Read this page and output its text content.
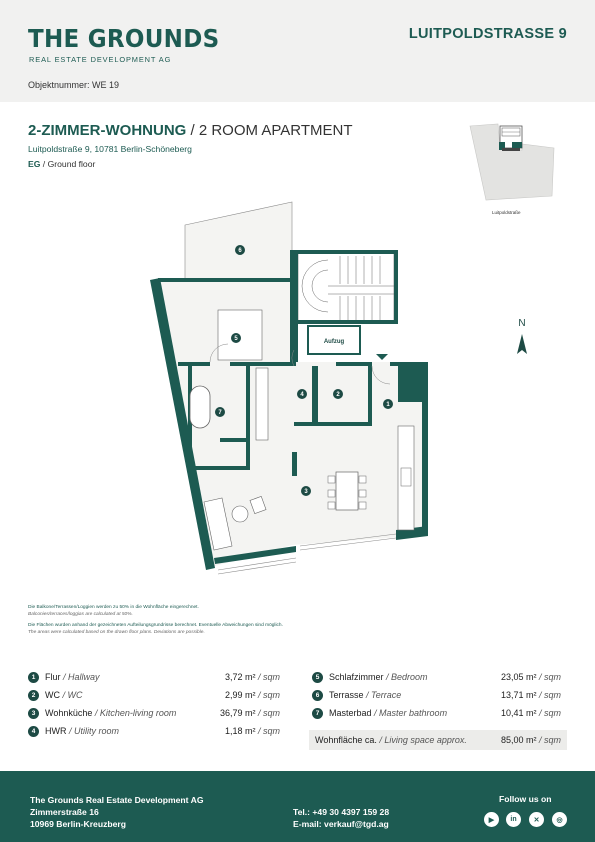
THE GROUNDS
REAL ESTATE DEVELOPMENT AG
LUITPOLDSTRASSE 9
Objektnummer: WE 19
2-ZIMMER-WOHNUNG / 2 ROOM APARTMENT
Luitpoldstraße 9, 10781 Berlin-Schöneberg
EG / Ground floor
Luitpoldstraße
6
5
7
4	2
1
3
Aufzug
N
Die Balkone/Terrassen/Loggien werden zu 50% in die Wohnfläche eingerechnet.
Balconies/terraces/loggias are calculated at 50%.
Die Flächen wurden anhand der gezeichneten Aufteilungsgrundrisse berechnet. Eventuelle Abweichungen sind möglich.
The areas were calculated based on the drawn floor plans. Deviations are possible.
1	Flur / Hallway	3,72 m² / sqm
2	WC / WC	2,99 m² / sqm
3	Wohnküche / Kitchen-living room	36,79 m² / sqm
4	HWR / Utility room	1,18 m² / sqm
5	Schlafzimmer / Bedroom	23,05 m² / sqm
6	Terrasse / Terrace	13,71 m² / sqm
7	Masterbad / Master bathroom	10,41 m² / sqm
Wohnfläche ca. / Living space approx.	85,00 m² / sqm
The Grounds Real Estate Development AG
Zimmerstraße 16
10969 Berlin-Kreuzberg
Tel.: +49 30 4397 159 28
E-mail: verkauf@tgd.ag
Follow us on
▶	in	✕	◎
